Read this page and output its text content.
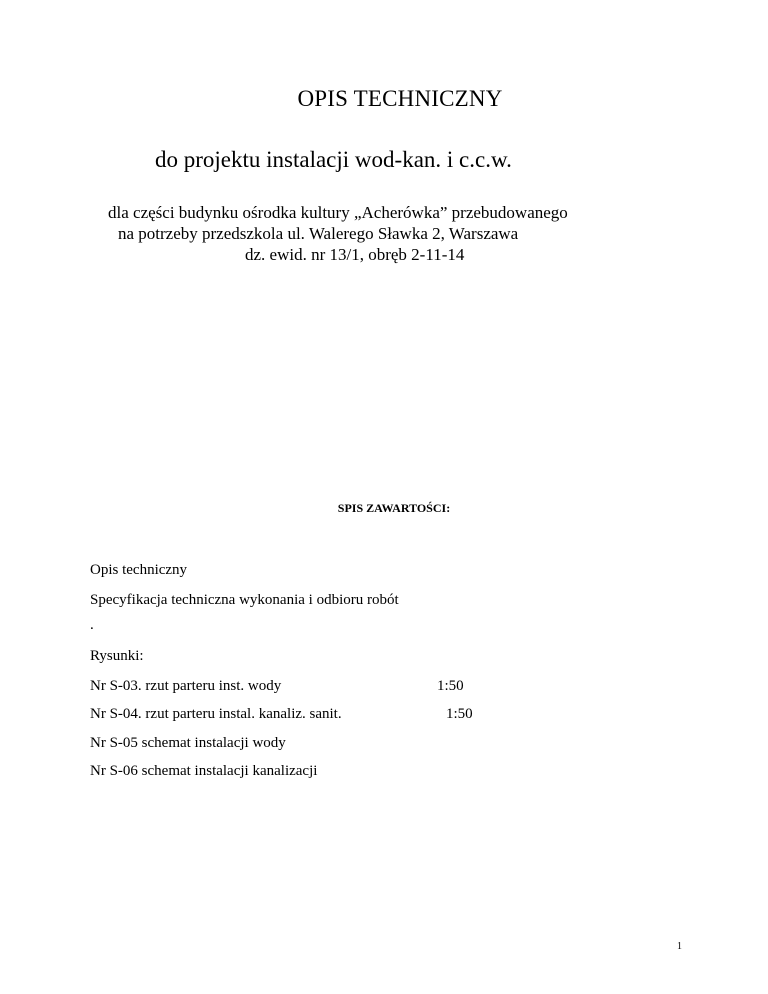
OPIS TECHNICZNY

do projektu instalacji wod-kan. i c.c.w.

dla części budynku ośrodka kultury „Acherówka” przebudowanego

na potrzeby przedszkola ul. Walerego Sławka 2, Warszawa

dz. ewid. nr 13/1, obręb 2-11-14

SPIS ZAWARTOŚCI:

Opis techniczny

Specyfikacja techniczna wykonania i odbioru robót

.

Rysunki:

Nr S-03. rzut parteru inst. wody	1:50

Nr S-04. rzut parteru instal. kanaliz. sanit.	1:50

Nr S-05 schemat instalacji wody

Nr S-06 schemat instalacji kanalizacji

1
